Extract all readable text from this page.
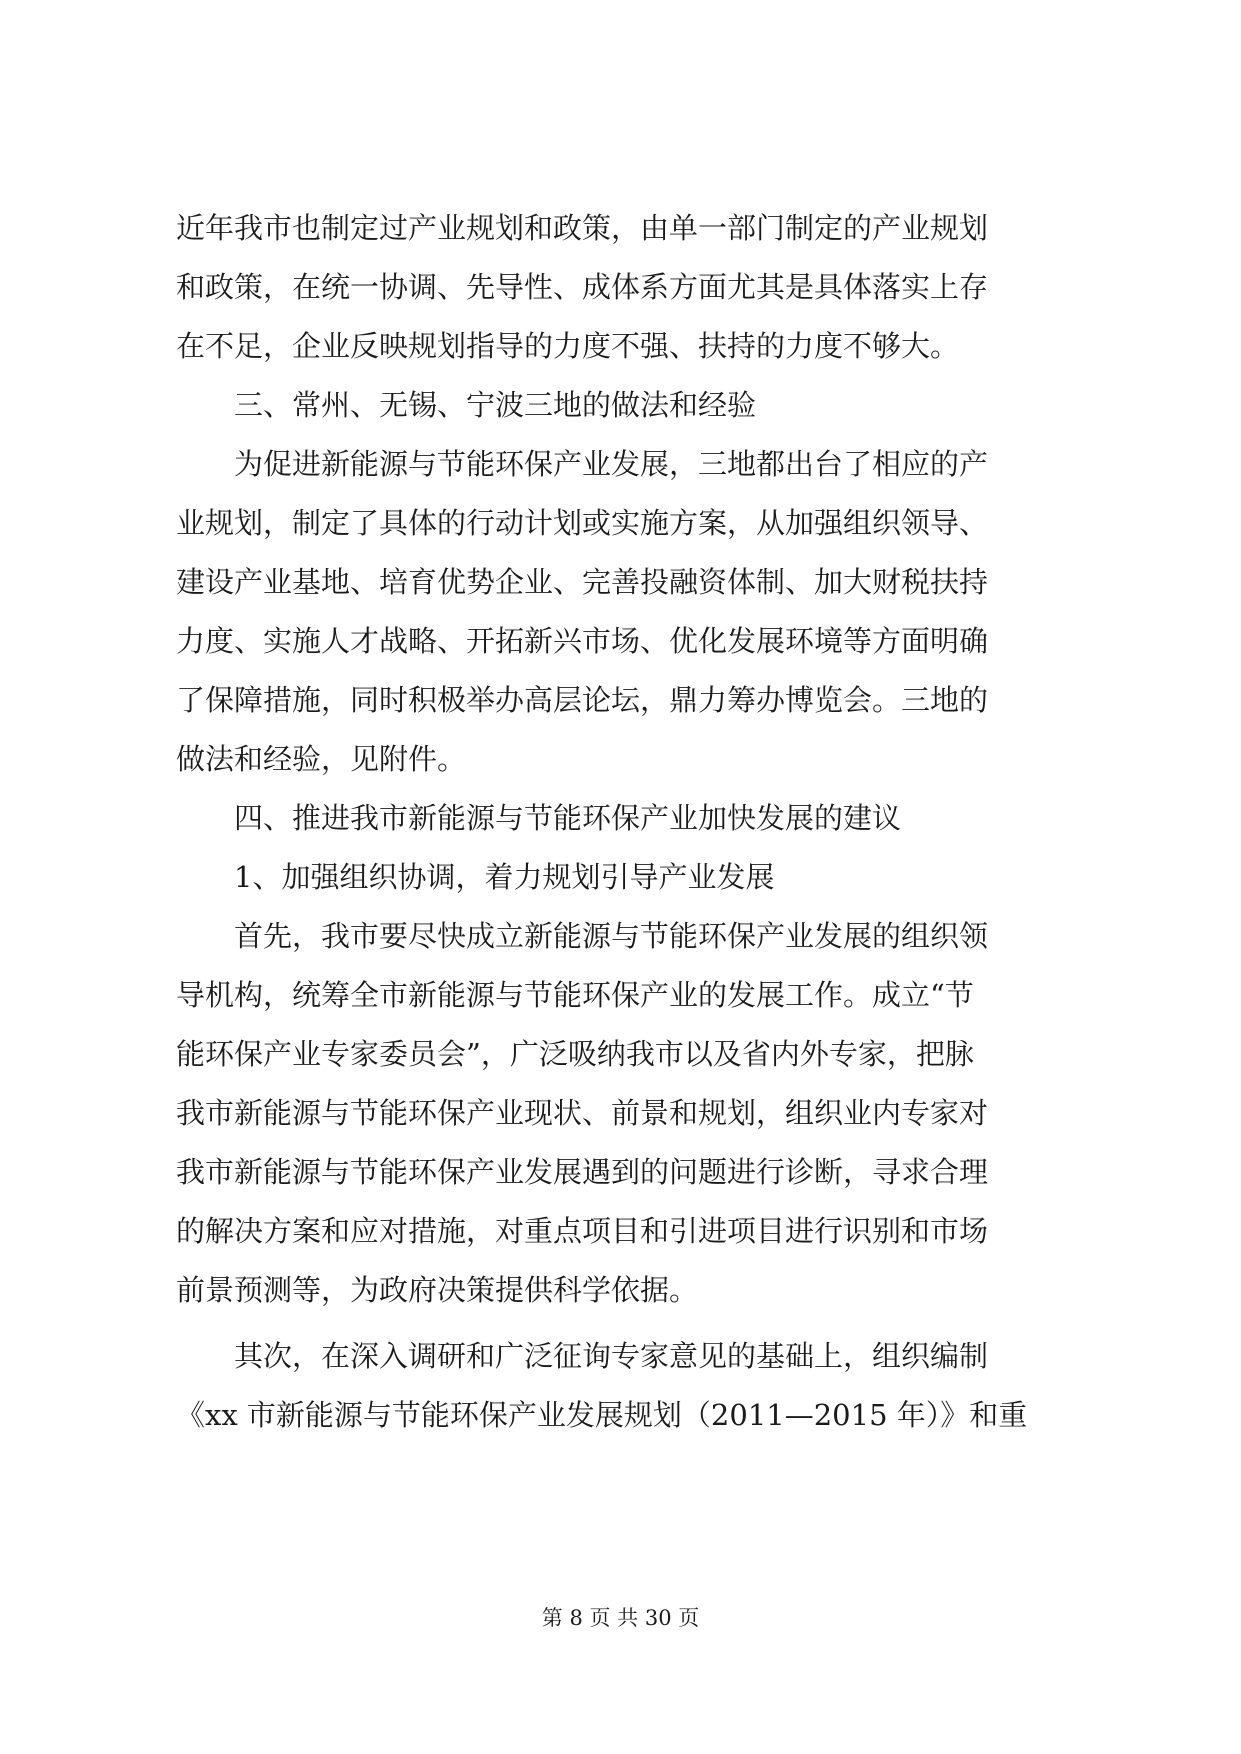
近年我市也制定过产业规划和政策，由单一部门制定的产业规划
和政策，在统一协调、先导性、成体系方面尤其是具体落实上存
在不足，企业反映规划指导的力度不强、扶持的力度不够大。
三、常州、无锡、宁波三地的做法和经验
为促进新能源与节能环保产业发展，三地都出台了相应的产
业规划，制定了具体的行动计划或实施方案，从加强组织领导、
建设产业基地、培育优势企业、完善投融资体制、加大财税扶持
力度、实施人才战略、开拓新兴市场、优化发展环境等方面明确
了保障措施，同时积极举办高层论坛，鼎力筹办博览会。三地的
做法和经验，见附件。
四、推进我市新能源与节能环保产业加快发展的建议
1、加强组织协调，着力规划引导产业发展
首先，我市要尽快成立新能源与节能环保产业发展的组织领
导机构，统筹全市新能源与节能环保产业的发展工作。成立“节
能环保产业专家委员会”，广泛吸纳我市以及省内外专家，把脉
我市新能源与节能环保产业现状、前景和规划，组织业内专家对
我市新能源与节能环保产业发展遇到的问题进行诊断，寻求合理
的解决方案和应对措施，对重点项目和引进项目进行识别和市场
前景预测等，为政府决策提供科学依据。
其次，在深入调研和广泛征询专家意见的基础上，组织编制
《xx 市新能源与节能环保产业发展规划（2011—2015 年）》和重
第 8 页 共 30 页
